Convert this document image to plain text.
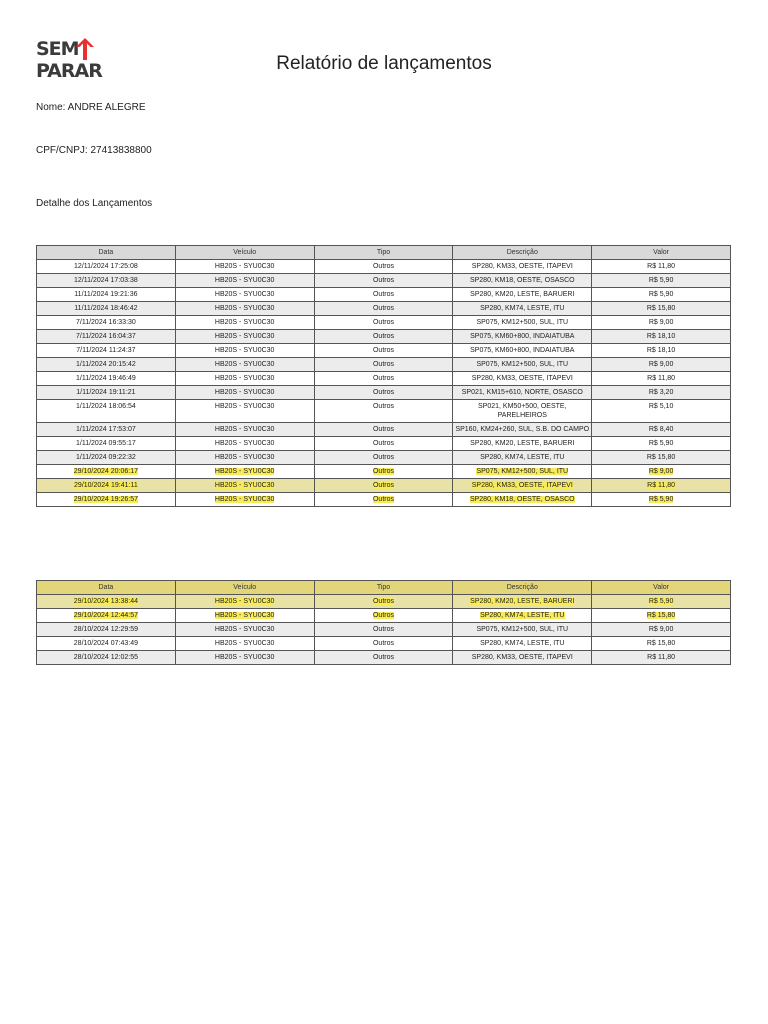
SEM
PARAR	Relatório de lançamentos
Nome: ANDRE ALEGRE
CPF/CNPJ: 27413838800
Detalhe dos Lançamentos
Data	Veículo	Tipo	Descrição	Valor
12/11/2024 17:25:08	HB20S - SYU0C30	Outros	SP280, KM33, OESTE, ITAPEVI	R$ 11,80
12/11/2024 17:03:38	HB20S - SYU0C30	Outros	SP280, KM18, OESTE, OSASCO	R$ 5,90
11/11/2024 19:21:36	HB20S - SYU0C30	Outros	SP280, KM20, LESTE, BARUERI	R$ 5,90
11/11/2024 18:46:42	HB20S - SYU0C30	Outros	SP280, KM74, LESTE, ITU	R$ 15,80
7/11/2024 16:33:30	HB20S - SYU0C30	Outros	SP075, KM12+500, SUL, ITU	R$ 9,00
7/11/2024 16:04:37	HB20S - SYU0C30	Outros	SP075, KM60+800, INDAIATUBA	R$ 18,10
7/11/2024 11:24:37	HB20S - SYU0C30	Outros	SP075, KM60+800, INDAIATUBA	R$ 18,10
1/11/2024 20:15:42	HB20S - SYU0C30	Outros	SP075, KM12+500, SUL, ITU	R$ 9,00
1/11/2024 19:46:49	HB20S - SYU0C30	Outros	SP280, KM33, OESTE, ITAPEVI	R$ 11,80
1/11/2024 19:11:21	HB20S - SYU0C30	Outros	SP021, KM15+610, NORTE, OSASCO	R$ 3,20
1/11/2024 18:06:54	HB20S - SYU0C30	Outros	SP021, KM50+500, OESTE, PARELHEIROS	R$ 5,10
1/11/2024 17:53:07	HB20S - SYU0C30	Outros	SP160, KM24+260, SUL, S.B. DO CAMPO	R$ 8,40
1/11/2024 09:55:17	HB20S - SYU0C30	Outros	SP280, KM20, LESTE, BARUERI	R$ 5,90
1/11/2024 09:22:32	HB20S - SYU0C30	Outros	SP280, KM74, LESTE, ITU	R$ 15,80
29/10/2024 20:06:17	HB20S - SYU0C30	Outros	SP075, KM12+500, SUL, ITU	R$ 9,00
29/10/2024 19:41:11	HB20S - SYU0C30	Outros	SP280, KM33, OESTE, ITAPEVI	R$ 11,80
29/10/2024 19:26:57	HB20S - SYU0C30	Outros	SP280, KM18, OESTE, OSASCO	R$ 5,90
Data	Veículo	Tipo	Descrição	Valor
29/10/2024 13:38:44	HB20S - SYU0C30	Outros	SP280, KM20, LESTE, BARUERI	R$ 5,90
29/10/2024 12:44:57	HB20S - SYU0C30	Outros	SP280, KM74, LESTE, ITU	R$ 15,80
28/10/2024 12:29:59	HB20S - SYU0C30	Outros	SP075, KM12+500, SUL, ITU	R$ 9,00
28/10/2024 07:43:49	HB20S - SYU0C30	Outros	SP280, KM74, LESTE, ITU	R$ 15,80
28/10/2024 12:02:55	HB20S - SYU0C30	Outros	SP280, KM33, OESTE, ITAPEVI	R$ 11,80
